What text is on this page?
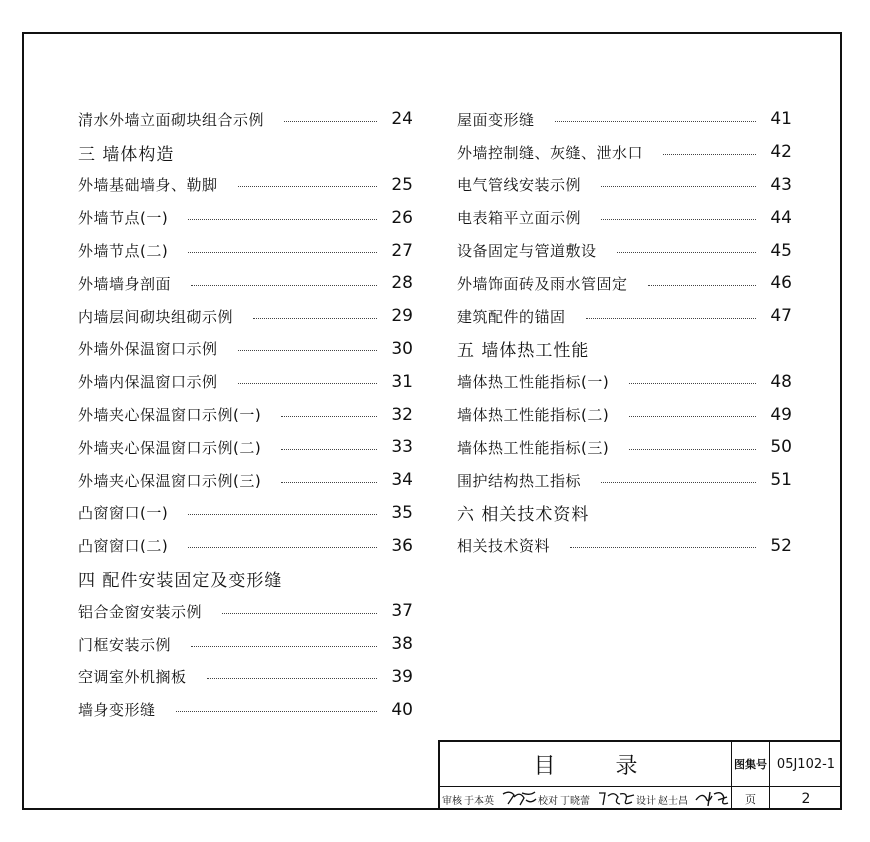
清水外墙立面砌块组合示例	24
三 墙体构造
外墙基础墙身、勒脚	25
外墙节点(一)	26
外墙节点(二)	27
外墙墙身剖面	28
内墙层间砌块组砌示例	29
外墙外保温窗口示例	30
外墙内保温窗口示例	31
外墙夹心保温窗口示例(一)	32
外墙夹心保温窗口示例(二)	33
外墙夹心保温窗口示例(三)	34
凸窗窗口(一)	35
凸窗窗口(二)	36
四 配件安装固定及变形缝
铝合金窗安装示例	37
门框安装示例	38
空调室外机搁板	39
墙身变形缝	40
屋面变形缝	41
外墙控制缝、灰缝、泄水口	42
电气管线安装示例	43
电表箱平立面示例	44
设备固定与管道敷设	45
外墙饰面砖及雨水管固定	46
建筑配件的锚固	47
五 墙体热工性能
墙体热工性能指标(一)	48
墙体热工性能指标(二)	49
墙体热工性能指标(三)	50
围护结构热工指标	51
六 相关技术资料
相关技术资料	52
目录	图集号 05J102-1
审核 于本英	校对 丁晓蕾	设计 赵士昌	页	2
